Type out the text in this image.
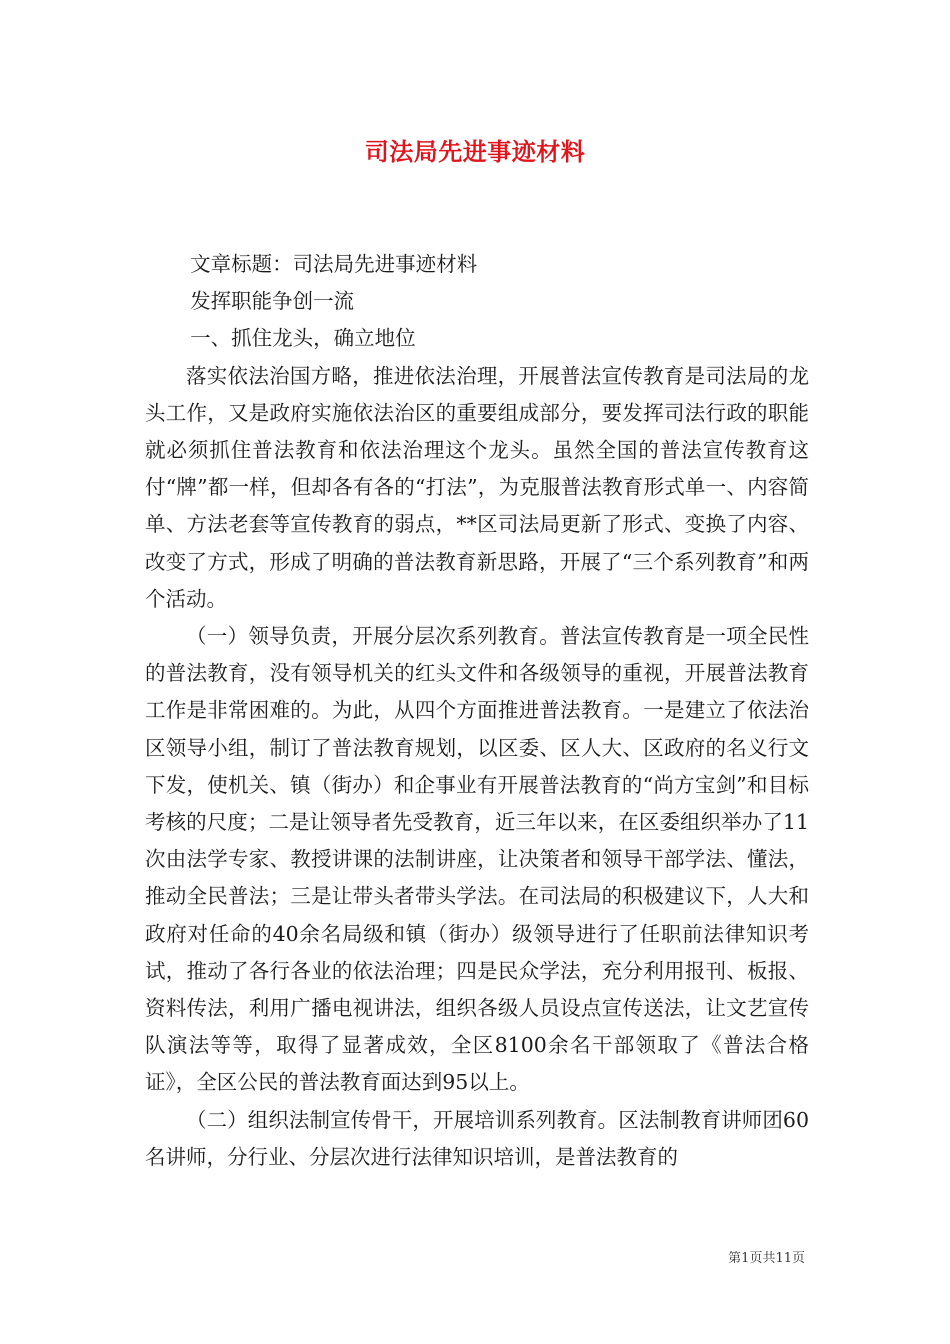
司法局先进事迹材料

文章标题：司法局先进事迹材料

发挥职能争创一流

一、抓住龙头，确立地位

落实依法治国方略，推进依法治理，开展普法宣传教育是司法局的龙头工作，又是政府实施依法治区的重要组成部分，要发挥司法行政的职能就必须抓住普法教育和依法治理这个龙头。虽然全国的普法宣传教育这付“牌”都一样，但却各有各的“打法”，为克服普法教育形式单一、内容简单、方法老套等宣传教育的弱点，**区司法局更新了形式、变换了内容、改变了方式，形成了明确的普法教育新思路，开展了“三个系列教育”和两个活动。

（一）领导负责，开展分层次系列教育。普法宣传教育是一项全民性的普法教育，没有领导机关的红头文件和各级领导的重视，开展普法教育工作是非常困难的。为此，从四个方面推进普法教育。一是建立了依法治区领导小组，制订了普法教育规划，以区委、区人大、区政府的名义行文下发，使机关、镇（街办）和企事业有开展普法教育的“尚方宝剑”和目标考核的尺度；二是让领导者先受教育，近三年以来，在区委组织举办了11次由法学专家、教授讲课的法制讲座，让决策者和领导干部学法、懂法，推动全民普法；三是让带头者带头学法。在司法局的积极建议下，人大和政府对任命的40余名局级和镇（街办）级领导进行了任职前法律知识考试，推动了各行各业的依法治理；四是民众学法，充分利用报刊、板报、资料传法，利用广播电视讲法，组织各级人员设点宣传送法，让文艺宣传队演法等等，取得了显著成效，全区8100余名干部领取了《普法合格证》，全区公民的普法教育面达到95以上。

（二）组织法制宣传骨干，开展培训系列教育。区法制教育讲师团60名讲师，分行业、分层次进行法律知识培训，是普法教育的

第1页共11页
